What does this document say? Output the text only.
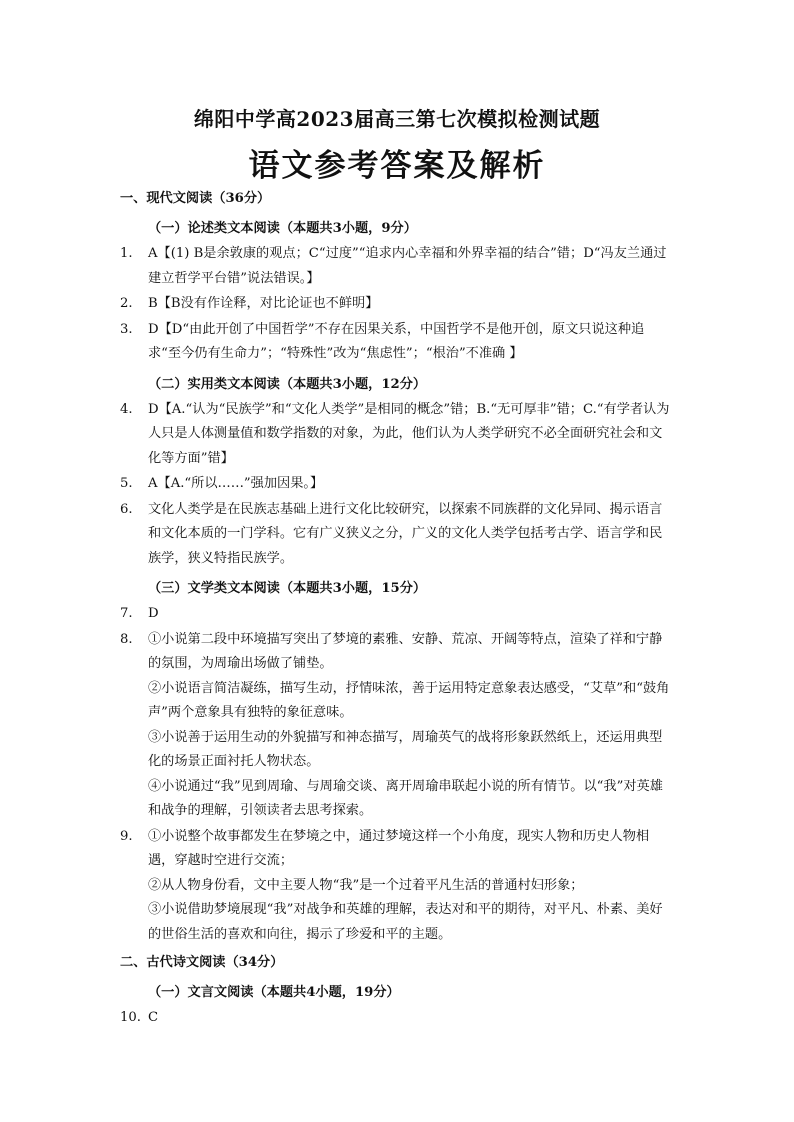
绵阳中学高2023届高三第七次模拟检测试题
语文参考答案及解析
一、现代文阅读（36分）
（一）论述类文本阅读（本题共3小题，9分）
1.	A【(1) B是余敦康的观点；C“过度”“追求内心幸福和外界幸福的结合”错；D“冯友兰通过建立哲学平台错”说法错误。】
2.	B【B没有作诠释，对比论证也不鲜明】
3.	D【D“由此开创了中国哲学”不存在因果关系，中国哲学不是他开创，原文只说这种追求“至今仍有生命力”；“特殊性”改为“焦虑性”；“根治”不准确 】
（二）实用类文本阅读（本题共3小题，12分）
4.	D【A.“认为“民族学”和“文化人类学”是相同的概念”错；B.“无可厚非”错；C.“有学者认为人只是人体测量值和数学指数的对象，为此，他们认为人类学研究不必全面研究社会和文化等方面”错】
5.	A【A.“所以……”强加因果。】
6.	文化人类学是在民族志基础上进行文化比较研究，以探索不同族群的文化异同、揭示语言和文化本质的一门学科。它有广义狭义之分，广义的文化人类学包括考古学、语言学和民族学，狭义特指民族学。
（三）文学类文本阅读（本题共3小题，15分）
7.	D
8.	①小说第二段中环境描写突出了梦境的素雅、安静、荒凉、开阔等特点，渲染了祥和宁静的氛围，为周瑜出场做了铺垫。
②小说语言简洁凝练，描写生动，抒情味浓，善于运用特定意象表达感受，“艾草”和“鼓角声”两个意象具有独特的象征意味。
③小说善于运用生动的外貌描写和神态描写，周瑜英气的战将形象跃然纸上，还运用典型化的场景正面衬托人物状态。
④小说通过“我”见到周瑜、与周瑜交谈、离开周瑜串联起小说的所有情节。以“我”对英雄和战争的理解，引领读者去思考探索。
9.	①小说整个故事都发生在梦境之中，通过梦境这样一个小角度，现实人物和历史人物相遇，穿越时空进行交流；
②从人物身份看，文中主要人物“我”是一个过着平凡生活的普通村妇形象；
③小说借助梦境展现“我”对战争和英雄的理解，表达对和平的期待，对平凡、朴素、美好的世俗生活的喜欢和向往，揭示了珍爱和平的主题。
二、古代诗文阅读（34分）
（一）文言文阅读（本题共4小题，19分）
10. C
